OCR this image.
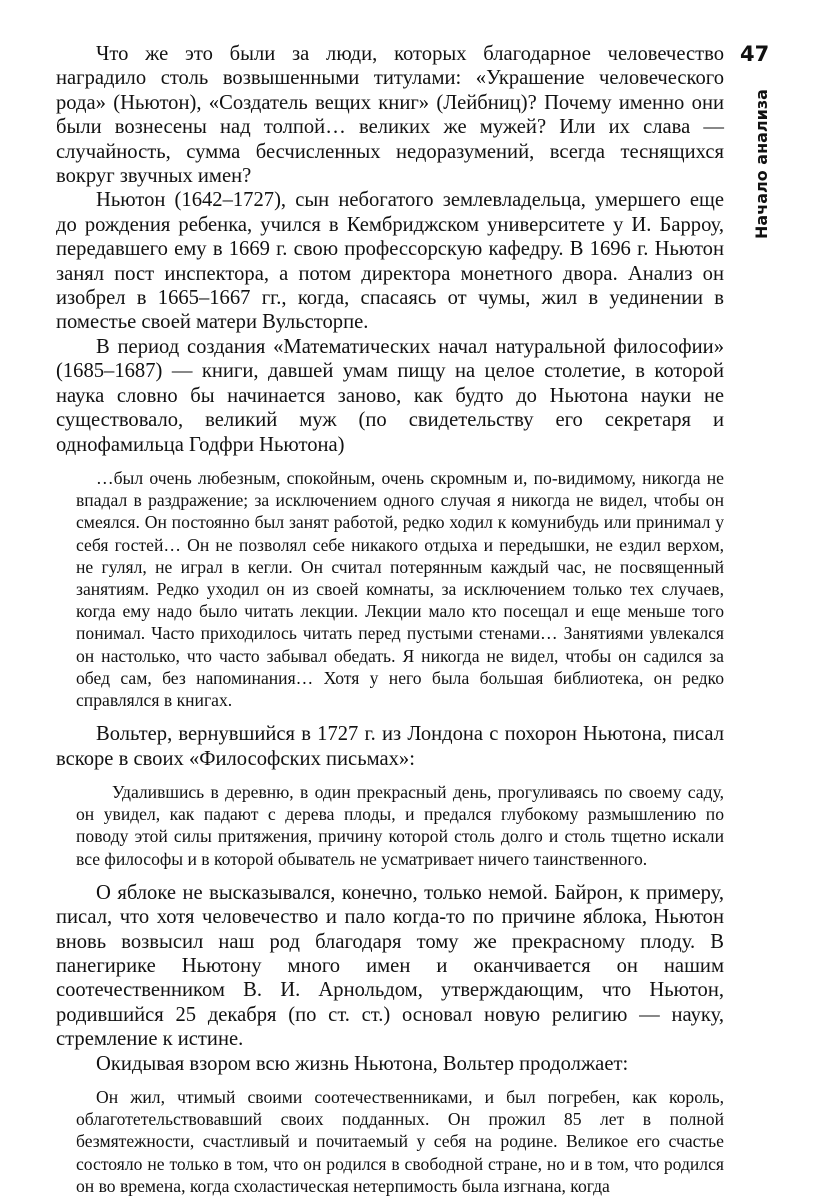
47
Начало анализа

Что же это были за люди, которых благодарное человечество наградило столь возвышенными титулами: «Украшение человеческого рода» (Ньютон), «Создатель вещих книг» (Лейбниц)? Почему именно они были вознесены над толпой… великих же мужей? Или их слава — случайность, сумма бесчисленных недоразумений, всегда теснящихся вокруг звучных имен?

Ньютон (1642–1727), сын небогатого землевладельца, умершего еще до рождения ребенка, учился в Кембриджском университете у И. Барроу, передавшего ему в 1669 г. свою профессорскую кафедру. В 1696 г. Ньютон занял пост инспектора, а потом директора монетного двора. Анализ он изобрел в 1665–1667 гг., когда, спасаясь от чумы, жил в уединении в поместье своей матери Вульсторпе.

В период создания «Математических начал натуральной философии» (1685–1687) — книги, давшей умам пищу на целое столетие, в которой наука словно бы начинается заново, как будто до Ньютона науки не существовало, великий муж (по свидетельству его секретаря и однофамильца Годфри Ньютона)

…был очень любезным, спокойным, очень скромным и, по-видимому, никогда не впадал в раздражение; за исключением одного случая я никогда не видел, чтобы он смеялся. Он постоянно был занят работой, редко ходил к комунибудь или принимал у себя гостей… Он не позволял себе никакого отдыха и передышки, не ездил верхом, не гулял, не играл в кегли. Он считал потерянным каждый час, не посвященный занятиям. Редко уходил он из своей комнаты, за исключением только тех случаев, когда ему надо было читать лекции. Лекции мало кто посещал и еще меньше того понимал. Часто приходилось читать перед пустыми стенами… Занятиями увлекался он настолько, что часто забывал обедать. Я никогда не видел, чтобы он садился за обед сам, без напоминания… Хотя у него была большая библиотека, он редко справлялся в книгах.

Вольтер, вернувшийся в 1727 г. из Лондона с похорон Ньютона, писал вскоре в своих «Философских письмах»:

Удалившись в деревню, в один прекрасный день, прогуливаясь по своему саду, он увидел, как падают с дерева плоды, и предался глубокому размышлению по поводу этой силы притяжения, причину которой столь долго и столь тщетно искали все философы и в которой обыватель не усматривает ничего таинственного.

О яблоке не высказывался, конечно, только немой. Байрон, к примеру, писал, что хотя человечество и пало когда-то по причине яблока, Ньютон вновь возвысил наш род благодаря тому же прекрасному плоду. В панегирике Ньютону много имен и оканчивается он нашим соотечественником В. И. Арнольдом, утверждающим, что Ньютон, родившийся 25 декабря (по ст. ст.) основал новую религию — науку, стремление к истине.

Окидывая взором всю жизнь Ньютона, Вольтер продолжает:

Он жил, чтимый своими соотечественниками, и был погребен, как король, облаготетельствовавший своих подданных. Он прожил 85 лет в полной безмятежности, счастливый и почитаемый у себя на родине. Великое его счастье состояло не только в том, что он родился в свободной стране, но и в том, что родился он во времена, когда схоластическая нетерпимость была изгнана, когда
